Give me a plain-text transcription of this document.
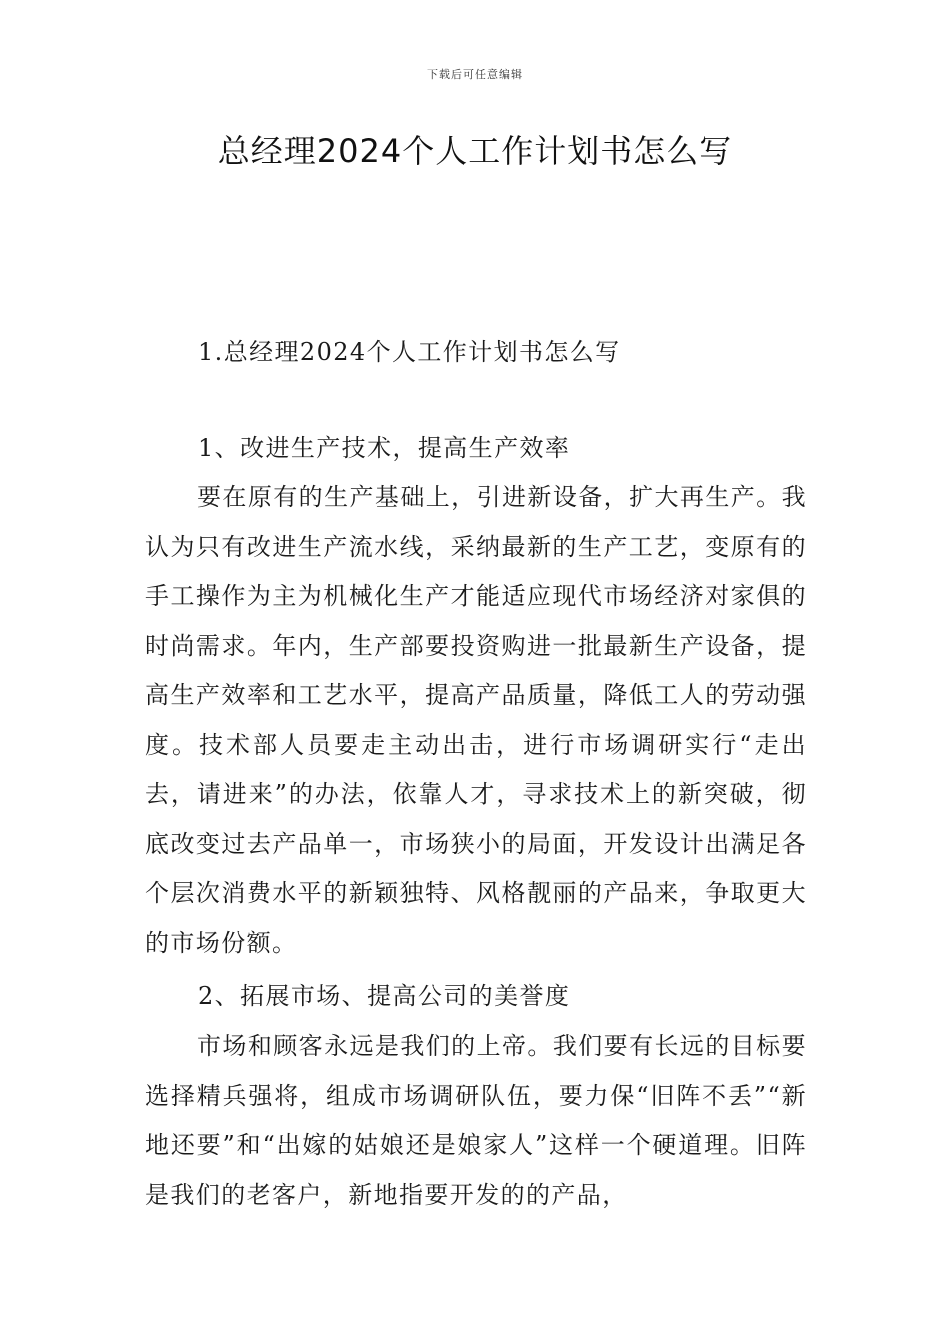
下载后可任意编辑
总经理2024个人工作计划书怎么写

1.总经理2024个人工作计划书怎么写

1、改进生产技术，提高生产效率

要在原有的生产基础上，引进新设备，扩大再生产。我认为只有改进生产流水线，采纳最新的生产工艺，变原有的手工操作为主为机械化生产才能适应现代市场经济对家俱的时尚需求。年内，生产部要投资购进一批最新生产设备，提高生产效率和工艺水平，提高产品质量，降低工人的劳动强度。技术部人员要走主动出击，进行市场调研实行“走出去，请进来”的办法，依靠人才，寻求技术上的新突破，彻底改变过去产品单一，市场狭小的局面，开发设计出满足各个层次消费水平的新颖独特、风格靓丽的产品来，争取更大的市场份额。

2、拓展市场、提高公司的美誉度

市场和顾客永远是我们的上帝。我们要有长远的目标要选择精兵强将，组成市场调研队伍，要力保“旧阵不丢”“新地还要”和“出嫁的姑娘还是娘家人”这样一个硬道理。旧阵是我们的老客户，新地指要开发的的产品，
